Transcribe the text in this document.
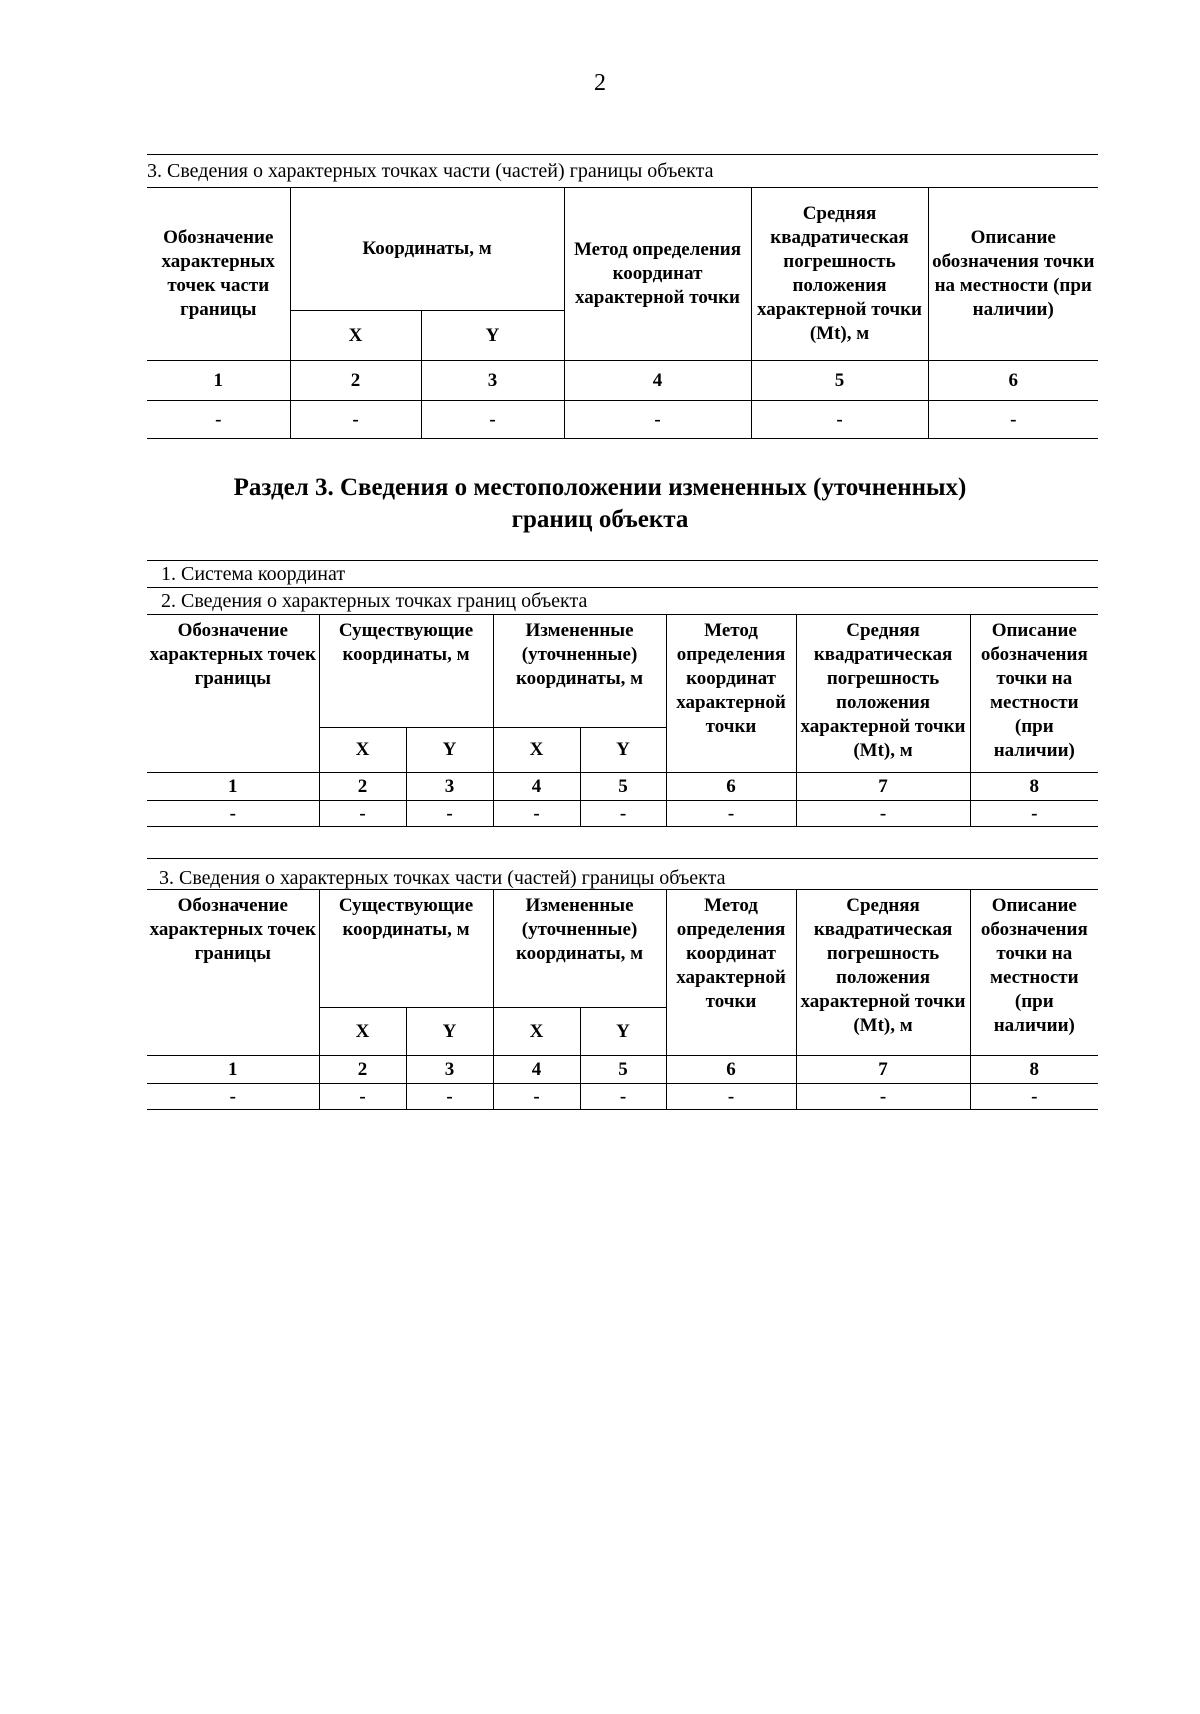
2
3. Сведения о характерных точках части (частей) границы объекта
Обозначение характерных точек части границы	Координаты, м		Метод определения координат характерной точки	Средняя квадратическая погрешность положения характерной точки (Mt), м	Описание обозначения точки на местности (при наличии)
	X	Y			
1	2	3	4	5	6
-	-	-	-	-	-
Раздел 3. Сведения о местоположении измененных (уточненных)
границ объекта
1. Система координат
2. Сведения о характерных точках границ объекта
Обозначение характерных точек границы	Существующие координаты, м		Измененные (уточненные) координаты, м		Метод определения координат характерной точки	Средняя квадратическая погрешность положения характерной точки (Mt), м	Описание обозначения точки на местности (при наличии)
	X	Y	X	Y			
1	2	3	4	5	6	7	8
-	-	-	-	-	-	-	-
3. Сведения о характерных точках части (частей) границы объекта
Обозначение характерных точек границы	Существующие координаты, м		Измененные (уточненные) координаты, м		Метод определения координат характерной точки	Средняя квадратическая погрешность положения характерной точки (Mt), м	Описание обозначения точки на местности (при наличии)
	X	Y	X	Y			
1	2	3	4	5	6	7	8
-	-	-	-	-	-	-	-
